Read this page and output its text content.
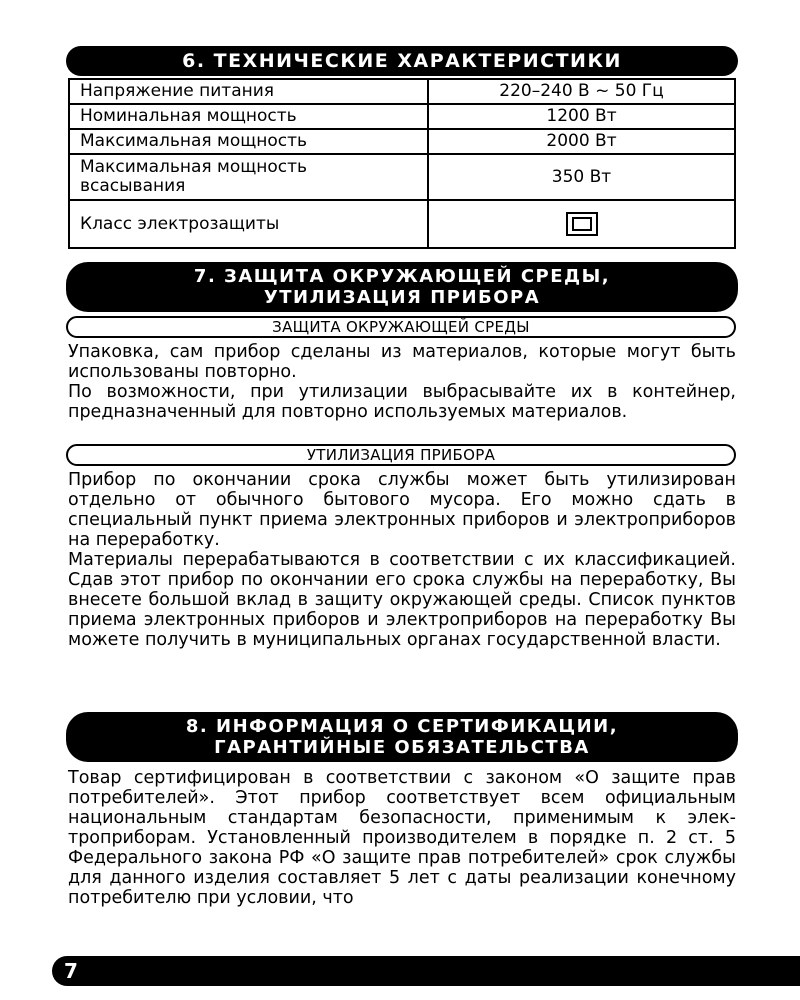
6. ТЕХНИЧЕСКИЕ ХАРАКТЕРИСТИКИ
Напряжение питания	220–240 В ~ 50 Гц
Номинальная мощность	1200 Вт
Максимальная мощность	2000 Вт
Максимальная мощность всасывания	350 Вт
Класс электрозащиты	
7. ЗАЩИТА ОКРУЖАЮЩЕЙ СРЕДЫ,
УТИЛИЗАЦИЯ ПРИБОРА
ЗАЩИТА ОКРУЖАЮЩЕЙ СРЕДЫ
Упаковка, сам прибор сделаны из материалов, которые могут быть использованы повторно.
По возможности, при утилизации выбрасывайте их в контейнер, предназначенный для повторно используемых материалов.
УТИЛИЗАЦИЯ ПРИБОРА
Прибор по окончании срока службы может быть утилизирован отдельно от обычного бытового мусора. Его можно сдать в специальный пункт приема электронных приборов и электроприборов на переработку.
Материалы перерабатываются в соответствии с их классификацией. Сдав этот прибор по окончании его срока службы на переработку, Вы внесете большой вклад в защиту окружающей среды. Список пунктов приема электронных приборов и электроприборов на переработку Вы можете получить в муниципальных органах государственной власти.
8. ИНФОРМАЦИЯ О СЕРТИФИКАЦИИ,
ГАРАНТИЙНЫЕ ОБЯЗАТЕЛЬСТВА
Товар сертифицирован в соответствии с законом «О защите прав потребителей». Этот прибор соответствует всем официальным национальным стандартам безопасности, применимым к электроприборам. Установленный производителем в порядке п. 2 ст. 5 Федерального закона РФ «О защите прав потребителей» срок службы для данного изделия составляет 5 лет с даты реализации конечному потребителю при условии, что
7
